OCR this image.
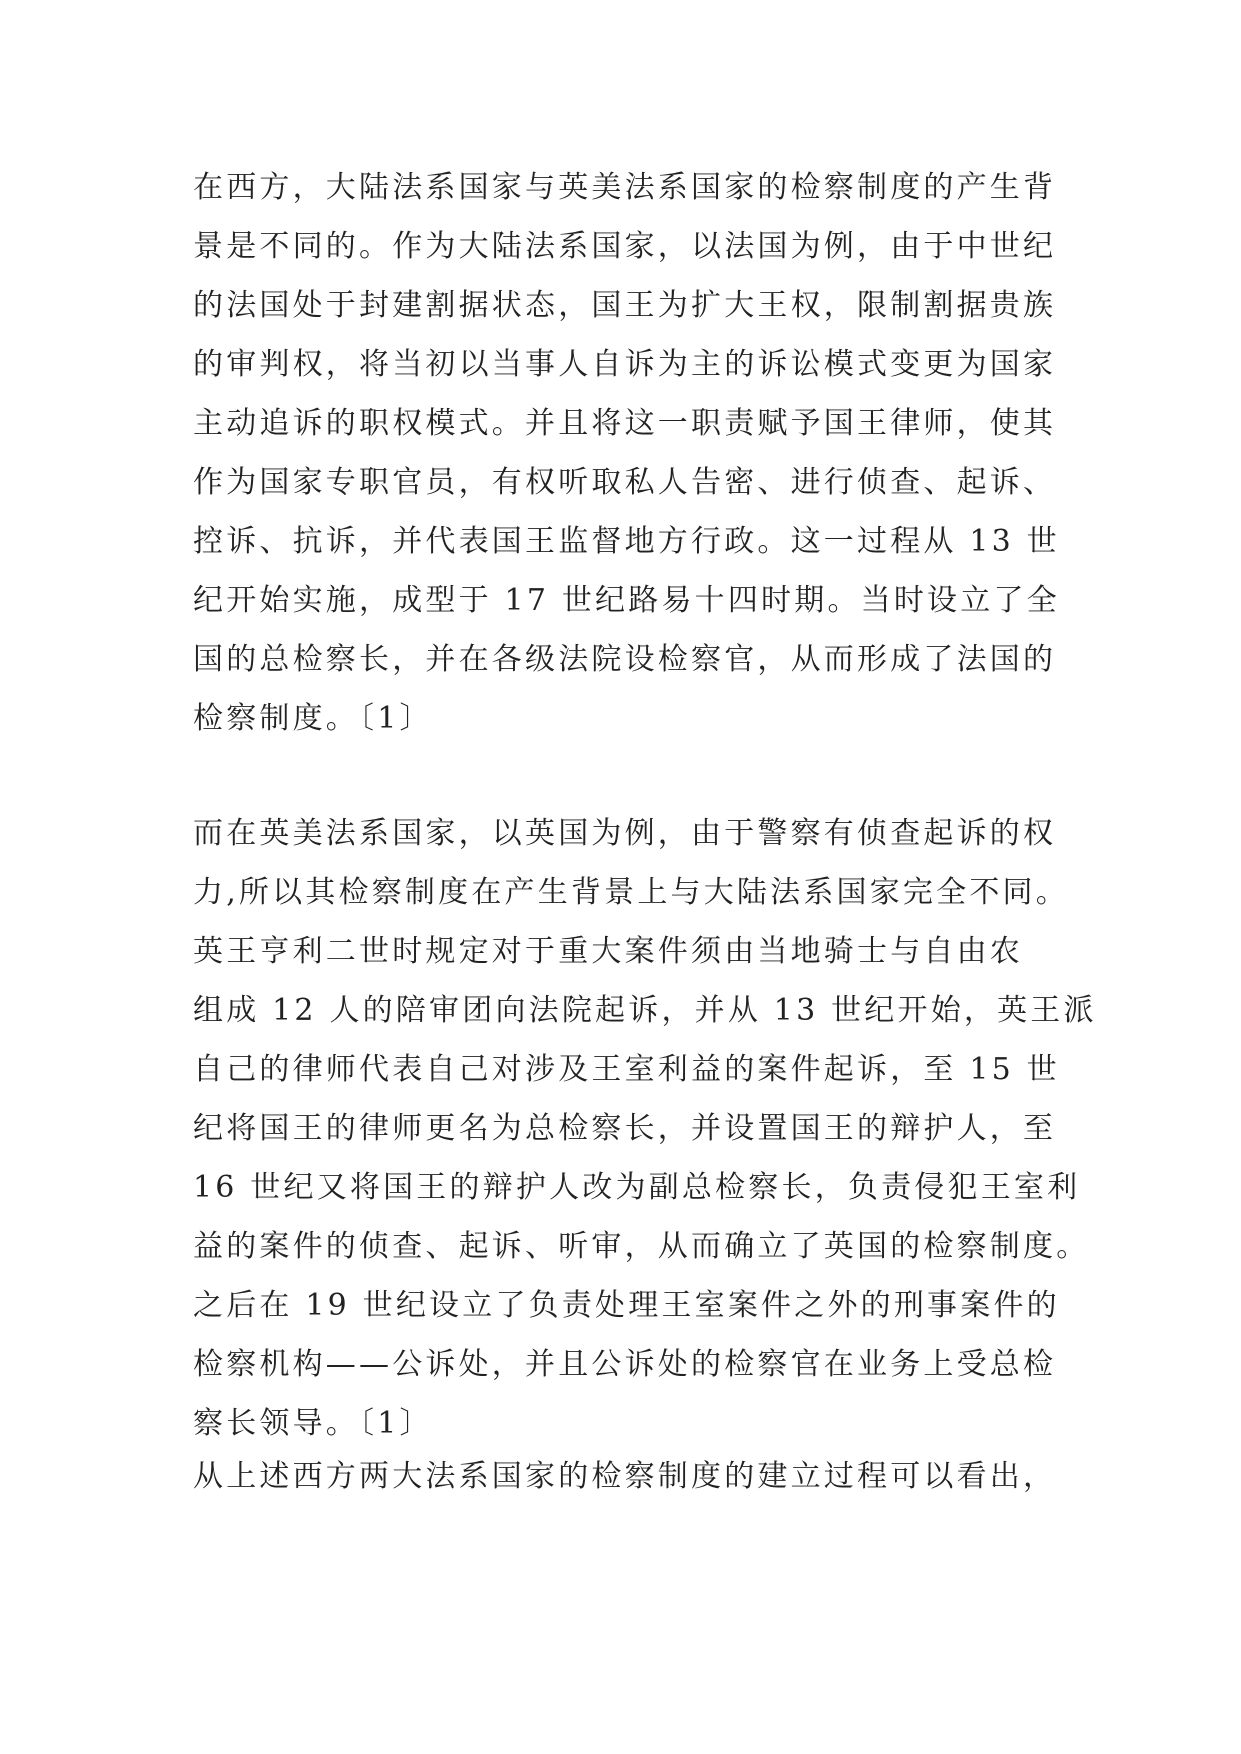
在西方，大陆法系国家与英美法系国家的检察制度的产生背
景是不同的。作为大陆法系国家，以法国为例，由于中世纪
的法国处于封建割据状态，国王为扩大王权，限制割据贵族
的审判权，将当初以当事人自诉为主的诉讼模式变更为国家
主动追诉的职权模式。并且将这一职责赋予国王律师，使其
作为国家专职官员，有权听取私人告密、进行侦查、起诉、
控诉、抗诉，并代表国王监督地方行政。这一过程从 13 世
纪开始实施，成型于 17 世纪路易十四时期。当时设立了全
国的总检察长，并在各级法院设检察官，从而形成了法国的
检察制度。〔1〕
而在英美法系国家，以英国为例，由于警察有侦查起诉的权
力,所以其检察制度在产生背景上与大陆法系国家完全不同。
英王亨利二世时规定对于重大案件须由当地骑士与自由农
组成 12 人的陪审团向法院起诉，并从 13 世纪开始，英王派
自己的律师代表自己对涉及王室利益的案件起诉，至 15 世
纪将国王的律师更名为总检察长，并设置国王的辩护人，至
16 世纪又将国王的辩护人改为副总检察长，负责侵犯王室利
益的案件的侦查、起诉、听审，从而确立了英国的检察制度。
之后在 19 世纪设立了负责处理王室案件之外的刑事案件的
检察机构——公诉处，并且公诉处的检察官在业务上受总检
察长领导。〔1〕
从上述西方两大法系国家的检察制度的建立过程可以看出，
